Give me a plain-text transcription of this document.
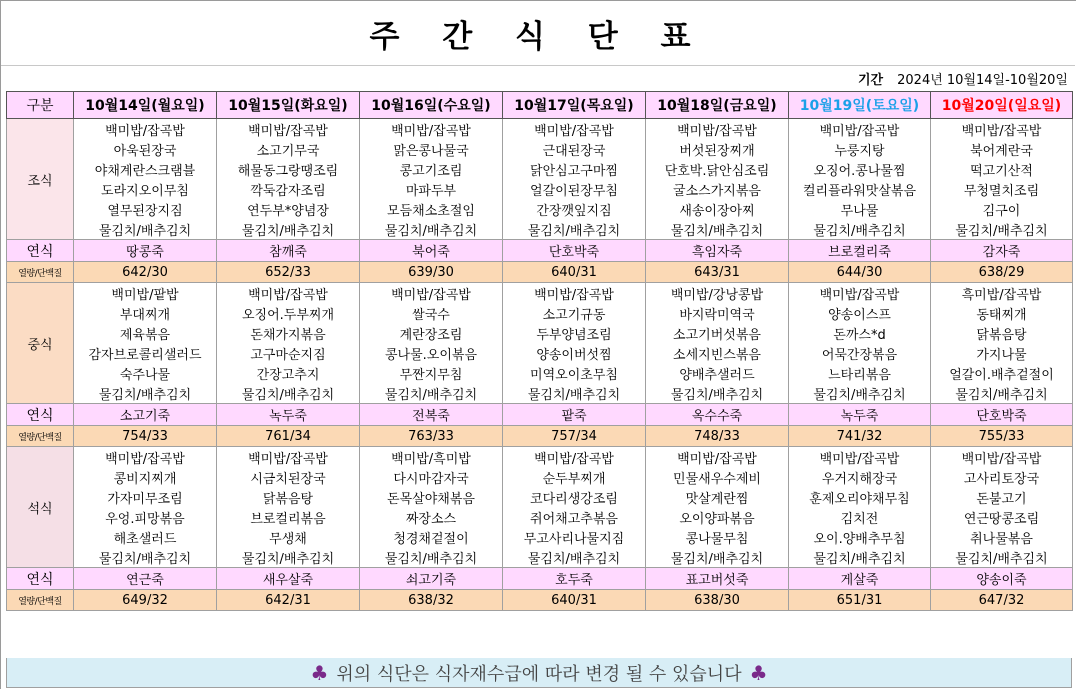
주 간 식 단 표
기간 2024년 10월14일-10월20일
구분	10월14일(월요일)	10월15일(화요일)	10월16일(수요일)	10월17일(목요일)	10월18일(금요일)	10월19일(토요일)	10월20일(일요일)
조식	백미밥/잡곡밥	백미밥/잡곡밥	백미밥/잡곡밥	백미밥/잡곡밥	백미밥/잡곡밥	백미밥/잡곡밥	백미밥/잡곡밥
	아욱된장국	소고기무국	맑은콩나물국	근대된장국	버섯된장찌개	누룽지탕	북어계란국
	야채계란스크램블	해물동그랑땡조림	콩고기조림	닭안심고구마찜	단호박.닭안심조림	오징어.콩나물찜	떡고기산적
	도라지오이무침	깍둑감자조림	마파두부	얼갈이된장무침	굴소스가지볶음	컬리플라워맛살볶음	무청멸치조림
	열무된장지짐	연두부*양념장	모듬채소초절임	간장깻잎지짐	새송이장아찌	무나물	김구이
	물김치/배추김치	물김치/배추김치	물김치/배추김치	물김치/배추김치	물김치/배추김치	물김치/배추김치	물김치/배추김치
연식	땅콩죽	참깨죽	북어죽	단호박죽	흑임자죽	브로컬리죽	감자죽
열량/단백질	642/30	652/33	639/30	640/31	643/31	644/30	638/29
중식	백미밥/팥밥	백미밥/잡곡밥	백미밥/잡곡밥	백미밥/잡곡밥	백미밥/강낭콩밥	백미밥/잡곡밥	흑미밥/잡곡밥
	부대찌개	오징어.두부찌개	쌀국수	소고기규동	바지락미역국	양송이스프	동태찌개
	제육볶음	돈채가지볶음	계란장조림	두부양념조림	소고기버섯볶음	돈까스*d	닭볶음탕
	감자브로콜리샐러드	고구마순지짐	콩나물.오이볶음	양송이버섯찜	소세지빈스볶음	어묵간장볶음	가지나물
	숙주나물	간장고추지	무짠지무침	미역오이초무침	양배추샐러드	느타리볶음	얼갈이.배추겉절이
	물김치/배추김치	물김치/배추김치	물김치/배추김치	물김치/배추김치	물김치/배추김치	물김치/배추김치	물김치/배추김치
연식	소고기죽	녹두죽	전복죽	팥죽	옥수수죽	녹두죽	단호박죽
열량/단백질	754/33	761/34	763/33	757/34	748/33	741/32	755/33
석식	백미밥/잡곡밥	백미밥/잡곡밥	백미밥/흑미밥	백미밥/잡곡밥	백미밥/잡곡밥	백미밥/잡곡밥	백미밥/잡곡밥
	콩비지찌개	시금치된장국	다시마감자국	순두부찌개	민물새우수제비	우거지해장국	고사리토장국
	가자미무조림	닭볶음탕	돈목살야채볶음	코다리생강조림	맛살계란찜	훈제오리야채무침	돈불고기
	우엉.피망볶음	브로컬리볶음	짜장소스	쥐어채고추볶음	오이양파볶음	김치전	연근땅콩조림
	해초샐러드	무생채	청경채겉절이	무고사리나물지짐	콩나물무침	오이.양배추무침	취나물볶음
	물김치/배추김치	물김치/배추김치	물김치/배추김치	물김치/배추김치	물김치/배추김치	물김치/배추김치	물김치/배추김치
연식	연근죽	새우살죽	쇠고기죽	호두죽	표고버섯죽	게살죽	양송이죽
열량/단백질	649/32	642/31	638/32	640/31	638/30	651/31	647/32
♣ 위의 식단은 식자재수급에 따라 변경 될 수 있습니다 ♣
